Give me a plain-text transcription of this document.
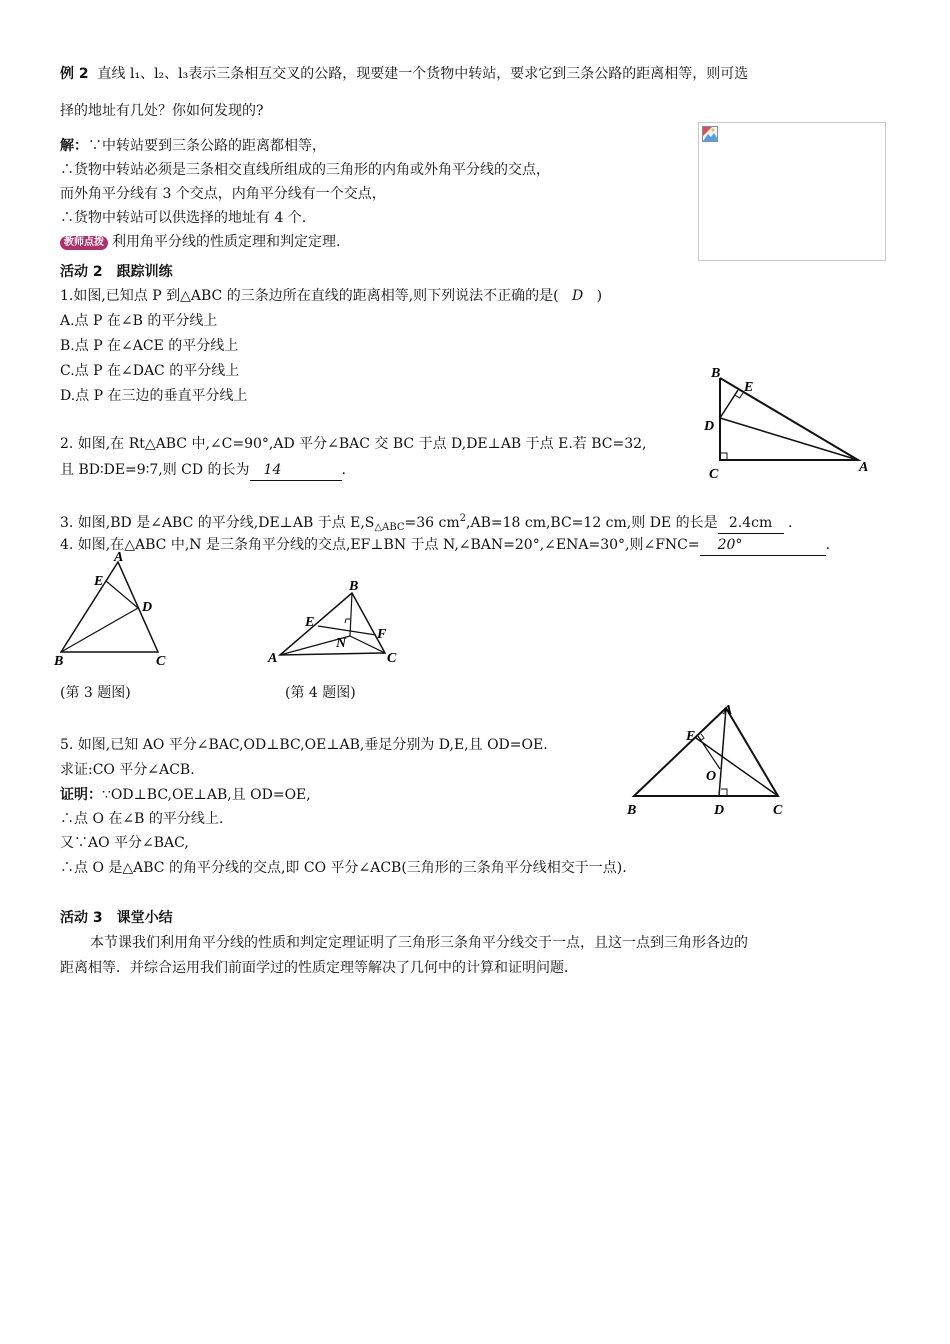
例 2 直线 l₁、l₂、l₃表示三条相互交叉的公路，现要建一个货物中转站，要求它到三条公路的距离相等，则可选
择的地址有几处？你如何发现的?
解：∵中转站要到三条公路的距离都相等，
∴货物中转站必须是三条相交直线所组成的三角形的内角或外角平分线的交点，
而外角平分线有 3 个交点，内角平分线有一个交点，
∴货物中转站可以供选择的地址有 4 个.
教师点拨 利用角平分线的性质定理和判定定理.
活动 2　跟踪训练
1.如图,已知点 P 到△ABC 的三条边所在直线的距离相等,则下列说法不正确的是( D )
A.点 P 在∠B 的平分线上
B.点 P 在∠ACE 的平分线上
C.点 P 在∠DAC 的平分线上
D.点 P 在三边的垂直平分线上
B
E
D
C	A
2. 如图,在 Rt△ABC 中,∠C=90°,AD 平分∠BAC 交 BC 于点 D,DE⊥AB 于点 E.若 BC=32,
且 BD∶DE=9∶7,则 CD 的长为 14	.
3. 如图,BD 是∠ABC 的平分线,DE⊥AB 于点 $E,S_{\triangle ABC}=36$ $cm^2,AB=18$ cm,BC=12 cm,则 DE 的长是 2.4cm .
4. 如图,在△ABC 中,N 是三条角平分线的交点,EF⊥BN 于点 N,∠BAN=20°,∠ENA=30°,则∠FNC= 20°	.
A
E
D
B	C
B
E
F
N
A	C
(第 3 题图)	(第 4 题图)
A
E
O
B	D	C
5. 如图,已知 AO 平分∠BAC,OD⊥BC,OE⊥AB,垂足分别为 D,E,且 OD=OE.
求证:CO 平分∠ACB.
证明：∵OD⊥BC,OE⊥AB,且 OD=OE,
∴点 O 在∠B 的平分线上.
又∵AO 平分∠BAC,
∴点 O 是△ABC 的角平分线的交点,即 CO 平分∠ACB(三角形的三条角平分线相交于一点).
活动 3　课堂小结
本节课我们利用角平分线的性质和判定定理证明了三角形三条角平分线交于一点，且这一点到三角形各边的
距离相等．并综合运用我们前面学过的性质定理等解决了几何中的计算和证明问题．
